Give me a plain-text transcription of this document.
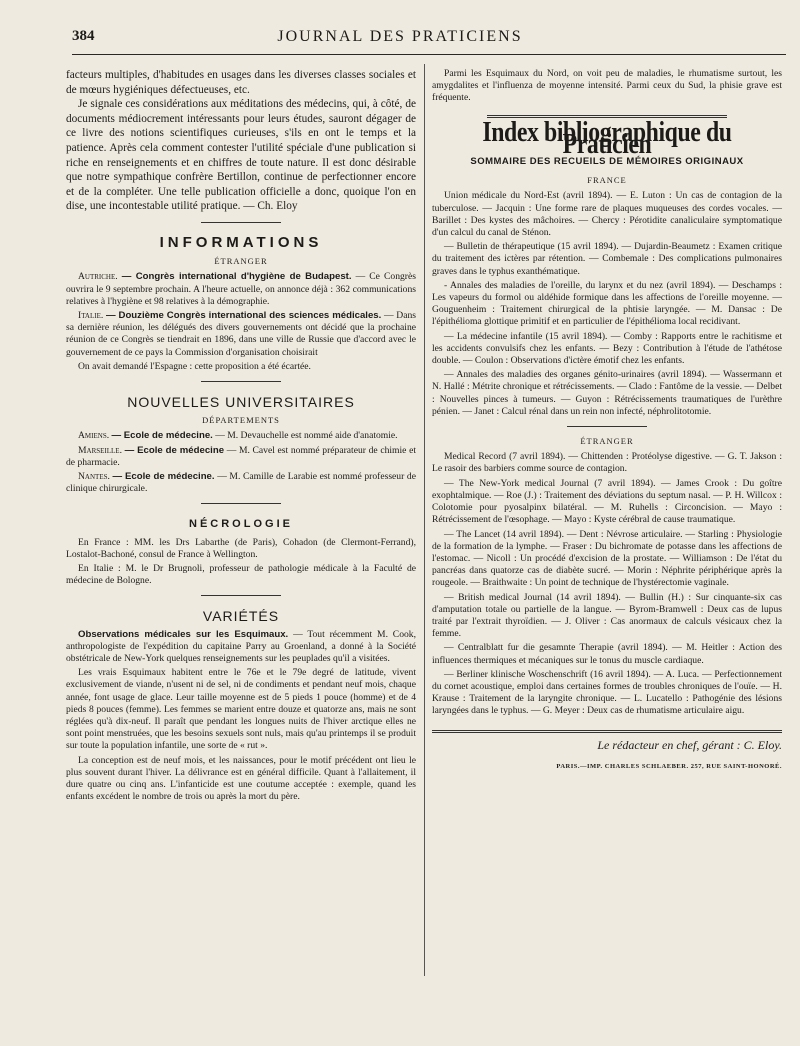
384	JOURNAL DES PRATICIENS

facteurs multiples, d'habitudes en usages dans les diverses classes sociales et de mœurs hygiéniques défectueuses, etc.

Je signale ces considérations aux méditations des médecins, qui, à côté, de documents médiocrement intéressants pour leurs études, sauront dégager de ce livre des notions scientifiques curieuses, s'ils en ont le temps et la patience. Après cela comment contester l'utilité spéciale d'une publication si riche en renseignements et en chiffres de toute nature. Il est donc désirable que notre sympathique confrère Bertillon, continue de perfectionner encore et de la compléter. Une telle publication officielle a donc, quoique l'on en dise, une incontestable utilité pratique. — Ch. Eloy

INFORMATIONS
ÉTRANGER

Autriche. — Congrès international d'hygiène de Budapest. — Ce Congrès ouvrira le 9 septembre prochain. A l'heure actuelle, on annonce déjà : 362 communications relatives à l'hygiène et 98 relatives à la démographie.

Italie. — Douzième Congrès international des sciences médicales. — Dans sa dernière réunion, les délégués des divers gouvernements ont décidé que la prochaine réunion de ce Congrès se tiendrait en 1896, dans une ville de Russie que d'accord avec le gouvernement de ce pays la Commission d'organisation choisirait

On avait demandé l'Espagne : cette proposition a été écartée.

NOUVELLES UNIVERSITAIRES
DÉPARTEMENTS

Amiens. — Ecole de médecine. — M. Devauchelle est nommé aide d'anatomie.

Marseille. — Ecole de médecine — M. Cavel est nommé préparateur de chimie et de pharmacie.

Nantes. — Ecole de médecine. — M. Camille de Larabie est nommé professeur de clinique chirurgicale.

NÉCROLOGIE

En France : MM. les Drs Labarthe (de Paris), Cohadon (de Clermont-Ferrand), Lostalot-Bachoné, consul de France à Wellington.

En Italie : M. le Dr Brugnoli, professeur de pathologie médicale à la Faculté de médecine de Bologne.

VARIÉTÉS

Observations médicales sur les Esquimaux. — Tout récemment M. Cook, anthropologiste de l'expédition du capitaine Parry au Groenland, a donné à la Société obstétricale de New-York quelques renseignements sur les peuplades qu'il a visitées.

Les vrais Esquimaux habitent entre le 76e et le 79e degré de latitude, vivent exclusivement de viande, n'usent ni de sel, ni de condiments et pendant neuf mois, chaque année, font usage de glace. Leur taille moyenne est de 5 pieds 1 pouce (homme) et de 4 pieds 8 pouces (femme). Les femmes se marient entre douze et quatorze ans, mais ne sont réglées qu'à dix-neuf. Il paraît que pendant les longues nuits de l'hiver arctique elles ne sont point menstruées, que les besoins sexuels sont nuls, mais qu'au printemps il se produit sur toute la population infantile, une sorte de « rut ».

La conception est de neuf mois, et les naissances, pour le motif précédent ont lieu le plus souvent durant l'hiver. La délivrance est en général difficile. Quant à l'allaitement, il dure quatre ou cinq ans. L'infanticide est une coutume acceptée : exemple, quand les enfants excédent le nombre de trois ou après la mort du père.

Parmi les Esquimaux du Nord, on voit peu de maladies, le rhumatisme surtout, les amygdalites et l'influenza de moyenne intensité. Parmi ceux du Sud, la phisie grave est fréquente.

Index bibliographique du Praticien
SOMMAIRE DES RECUEILS DE MÉMOIRES ORIGINAUX
FRANCE

Union médicale du Nord-Est (avril 1894). — E. Luton : Un cas de contagion de la tuberculose. — Jacquin : Une forme rare de plaques muqueuses des cordes vocales. — Barillet : Des kystes des mâchoires. — Chercy : Pérotidite canaliculaire symptomatique d'un calcul du canal de Sténon.

— Bulletin de thérapeutique (15 avril 1894). — Dujardin-Beaumetz : Examen critique du traitement des ictères par rétention. — Combemale : Des complications pulmonaires graves dans le typhus exanthématique.

- Annales des maladies de l'oreille, du larynx et du nez (avril 1894). — Deschamps : Les vapeurs du formol ou aldéhide formique dans les affections de l'oreille moyenne. — Gouguenheim : Traitement chirurgical de la phtisie laryngée. — M. Dansac : De l'épithélioma glottique primitif et en particulier de l'épithélioma local recidivant.

— La médecine infantile (15 avril 1894). — Comby : Rapports entre le rachitisme et les accidents convulsifs chez les enfants. — Bezy : Contribution à l'étude de l'athétose double. — Coulon : Observations d'ictère émotif chez les enfants.

— Annales des maladies des organes génito-urinaires (avril 1894). — Wassermann et N. Hallé : Métrite chronique et rétrécissements. — Clado : Fantôme de la vessie. — Delbet : Nouvelles pinces à tumeurs. — Guyon : Rétrécissements traumatiques de l'urèthre pénien. — Janet : Calcul rénal dans un rein non infecté, néphrolitotomie.

ÉTRANGER

Medical Record (7 avril 1894). — Chittenden : Protéolyse digestive. — G. T. Jakson : Le rasoir des barbiers comme source de contagion.

— The New-York medical Journal (7 avril 1894). — James Crook : Du goître exophtalmique. — Roe (J.) : Traitement des déviations du septum nasal. — P. H. Willcox : Colotomie pour pyosalpinx bilatéral. — M. Ruhells : Circoncision. — Mayo : Rétrécissement de l'œsophage. — Mayo : Kyste cérébral de cause traumatique.

— The Lancet (14 avril 1894). — Dent : Névrose articulaire. — Starling : Physiologie de la formation de la lymphe. — Fraser : Du bichromate de potasse dans les affections de l'estomac. — Nicoll : Un procédé d'excision de la prostate. — Williamson : De l'état du pancréas dans quatorze cas de diabète sucré. — Morin : Néphrite périphérique après la rougeole. — Braithwaite : Un point de technique de l'hystérectomie vaginale.

— British medical Journal (14 avril 1894). — Bullin (H.) : Sur cinquante-six cas d'amputation totale ou partielle de la langue. — Byrom-Bramwell : Deux cas de lupus traité par l'extrait thyroïdien. — J. Oliver : Cas anormaux de calculs vésicaux chez la femme.

— Centralblatt fur die gesamnte Therapie (avril 1894). — M. Heitler : Action des influences thermiques et mécaniques sur le tonus du muscle cardiaque.

— Berliner klinische Woschenschrift (16 avril 1894). — A. Luca. — Perfectionnement du cornet acoustique, emploi dans certaines formes de troubles chroniques de l'ouïe. — H. Krause : Traitement de la laryngite chronique. — L. Lucatello : Pathogénie des lésions laryngées dans le typhus. — G. Meyer : Deux cas de rhumatisme articulaire aigu.

Le rédacteur en chef, gérant : C. Eloy.
PARIS.—IMP. CHARLES SCHLAEBER. 257, RUE SAINT-HONORÉ.
